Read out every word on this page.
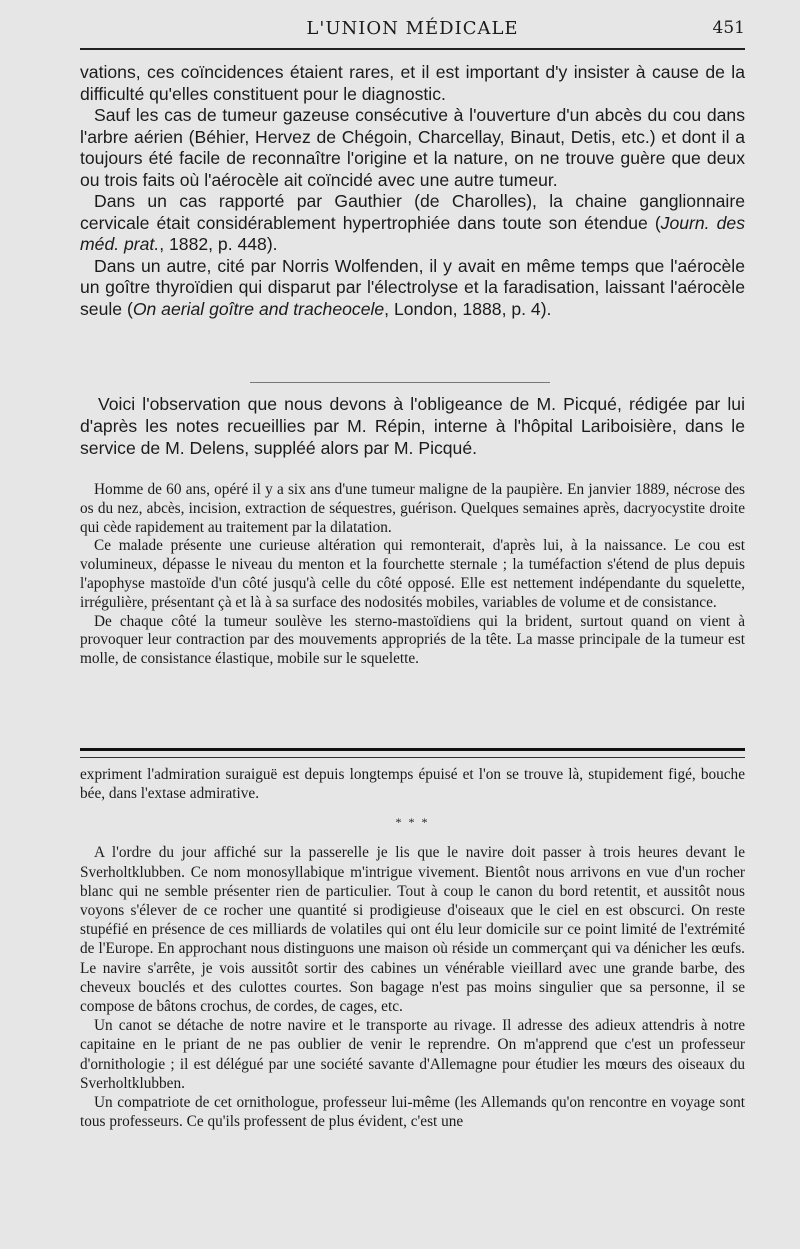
L'UNION MÉDICALE	451

vations, ces coïncidences étaient rares, et il est important d'y insister à cause de la difficulté qu'elles constituent pour le diagnostic.

Sauf les cas de tumeur gazeuse consécutive à l'ouverture d'un abcès du cou dans l'arbre aérien (Béhier, Hervez de Chégoin, Charcellay, Binaut, Detis, etc.) et dont il a toujours été facile de reconnaître l'origine et la nature, on ne trouve guère que deux ou trois faits où l'aérocèle ait coïncidé avec une autre tumeur.

Dans un cas rapporté par Gauthier (de Charolles), la chaine ganglionnaire cervicale était considérablement hypertrophiée dans toute son étendue (Journ. des méd. prat., 1882, p. 448).

Dans un autre, cité par Norris Wolfenden, il y avait en même temps que l'aérocèle un goître thyroïdien qui disparut par l'électrolyse et la faradisation, laissant l'aérocèle seule (On aerial goître and tracheocele, London, 1888, p. 4).

Voici l'observation que nous devons à l'obligeance de M. Picqué, rédigée par lui d'après les notes recueillies par M. Répin, interne à l'hôpital Lariboisière, dans le service de M. Delens, suppléé alors par M. Picqué.

Homme de 60 ans, opéré il y a six ans d'une tumeur maligne de la paupière. En janvier 1889, nécrose des os du nez, abcès, incision, extraction de séquestres, guérison. Quelques semaines après, dacryocystite droite qui cède rapidement au traitement par la dilatation.

Ce malade présente une curieuse altération qui remonterait, d'après lui, à la naissance. Le cou est volumineux, dépasse le niveau du menton et la fourchette sternale ; la tuméfaction s'étend de plus depuis l'apophyse mastoïde d'un côté jusqu'à celle du côté opposé. Elle est nettement indépendante du squelette, irrégulière, présentant çà et là à sa surface des nodosités mobiles, variables de volume et de consistance.

De chaque côté la tumeur soulève les sterno-mastoïdiens qui la brident, surtout quand on vient à provoquer leur contraction par des mouvements appropriés de la tête. La masse principale de la tumeur est molle, de consistance élastique, mobile sur le squelette.

expriment l'admiration suraiguë est depuis longtemps épuisé et l'on se trouve là, stupidement figé, bouche bée, dans l'extase admirative.

* * *

A l'ordre du jour affiché sur la passerelle je lis que le navire doit passer à trois heures devant le Sverholtklubben. Ce nom monosyllabique m'intrigue vivement. Bientôt nous arrivons en vue d'un rocher blanc qui ne semble présenter rien de particulier. Tout à coup le canon du bord retentit, et aussitôt nous voyons s'élever de ce rocher une quantité si prodigieuse d'oiseaux que le ciel en est obscurci. On reste stupéfié en présence de ces milliards de volatiles qui ont élu leur domicile sur ce point limité de l'extrémité de l'Europe. En approchant nous distinguons une maison où réside un commerçant qui va dénicher les œufs. Le navire s'arrête, je vois aussitôt sortir des cabines un vénérable vieillard avec une grande barbe, des cheveux bouclés et des culottes courtes. Son bagage n'est pas moins singulier que sa personne, il se compose de bâtons crochus, de cordes, de cages, etc.

Un canot se détache de notre navire et le transporte au rivage. Il adresse des adieux attendris à notre capitaine en le priant de ne pas oublier de venir le reprendre. On m'apprend que c'est un professeur d'ornithologie ; il est délégué par une société savante d'Allemagne pour étudier les mœurs des oiseaux du Sverholtklubben.

Un compatriote de cet ornithologue, professeur lui-même (les Allemands qu'on rencontre en voyage sont tous professeurs. Ce qu'ils professent de plus évident, c'est une
